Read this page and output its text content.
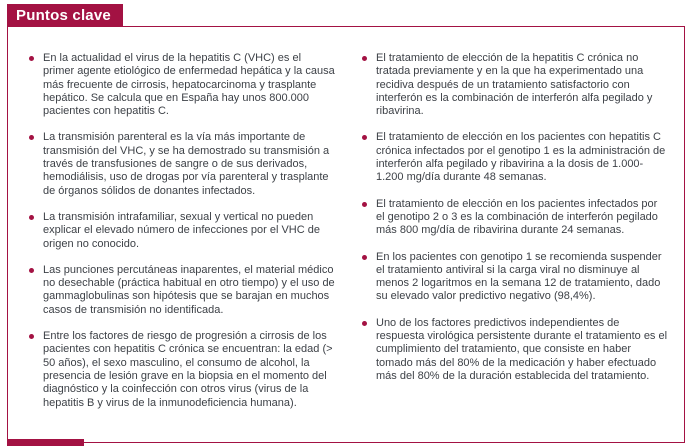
Puntos clave

En la actualidad el virus de la hepatitis C (VHC) es el primer agente etiológico de enfermedad hepática y la causa más frecuente de cirrosis, hepatocarcinoma y trasplante hepático. Se calcula que en España hay unos 800.000 pacientes con hepatitis C.

La transmisión parenteral es la vía más importante de transmisión del VHC, y se ha demostrado su transmisión a través de transfusiones de sangre o de sus derivados, hemodiálisis, uso de drogas por vía parenteral y trasplante de órganos sólidos de donantes infectados.

La transmisión intrafamiliar, sexual y vertical no pueden explicar el elevado número de infecciones por el VHC de origen no conocido.

Las punciones percutáneas inaparentes, el material médico no desechable (práctica habitual en otro tiempo) y el uso de gammaglobulinas son hipótesis que se barajan en muchos casos de transmisión no identificada.

Entre los factores de riesgo de progresión a cirrosis de los pacientes con hepatitis C crónica se encuentran: la edad (> 50 años), el sexo masculino, el consumo de alcohol, la presencia de lesión grave en la biopsia en el momento del diagnóstico y la coinfección con otros virus (virus de la hepatitis B y virus de la inmunodeficiencia humana).

El tratamiento de elección de la hepatitis C crónica no tratada previamente y en la que ha experimentado una recidiva después de un tratamiento satisfactorio con interferón es la combinación de interferón alfa pegilado y ribavirina.

El tratamiento de elección en los pacientes con hepatitis C crónica infectados por el genotipo 1 es la administración de interferón alfa pegilado y ribavirina a la dosis de 1.000-1.200 mg/día durante 48 semanas.

El tratamiento de elección en los pacientes infectados por el genotipo 2 o 3 es la combinación de interferón pegilado más 800 mg/día de ribavirina durante 24 semanas.

En los pacientes con genotipo 1 se recomienda suspender el tratamiento antiviral si la carga viral no disminuye al menos 2 logaritmos en la semana 12 de tratamiento, dado su elevado valor predictivo negativo (98,4%).

Uno de los factores predictivos independientes de respuesta virológica persistente durante el tratamiento es el cumplimiento del tratamiento, que consiste en haber tomado más del 80% de la medicación y haber efectuado más del 80% de la duración establecida del tratamiento.
